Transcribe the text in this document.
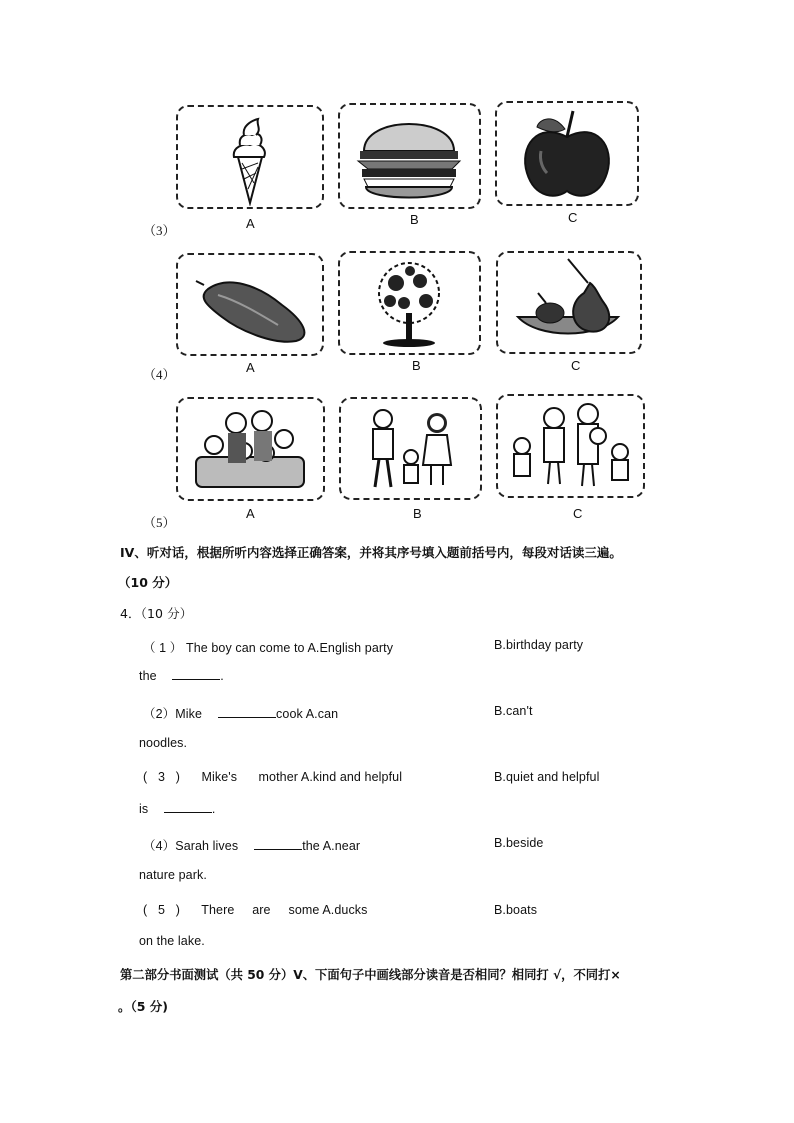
（3）	A	B	C
（4）	A	B	C
（5）
A	B	C
IV、听对话，根据所听内容选择正确答案，并将其序号填入题前括号内，每段对话读三遍。
（10 分）
4．（10 分）
（ 1 ） The boy can come to A.English party	B.birthday party
the	.
（2）Mike	cook A.can	B.can't
noodles.
(   3   )      Mike's      mother A.kind and helpful	B.quiet and helpful
is	.
（4）Sarah lives	the A.near	B.beside
nature park.
(   5   )      There     are     some A.ducks	B.boats
on the lake.
第二部分书面测试（共 50 分）V、下面句子中画线部分读音是否相同？相同打 √，不同打×
。（5 分)
